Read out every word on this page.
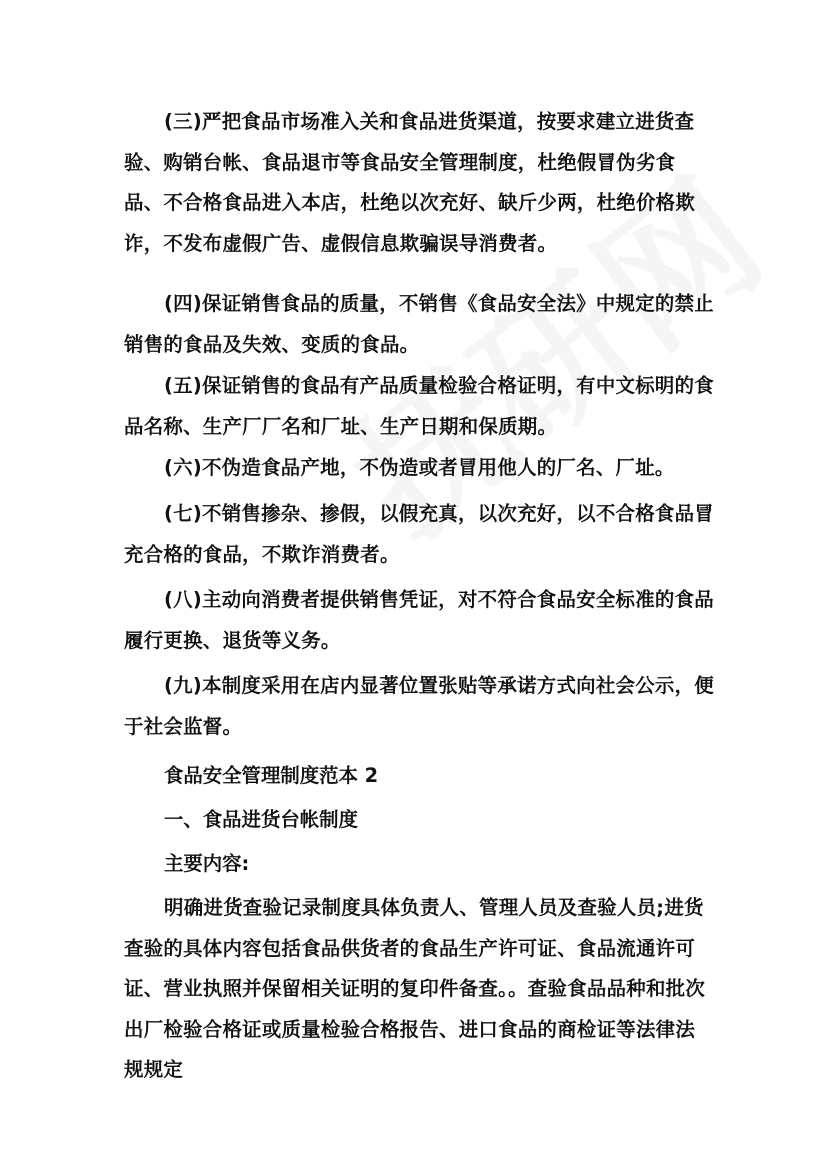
(三)严把食品市场准入关和食品进货渠道，按要求建立进货查验、购销台帐、食品退市等食品安全管理制度，杜绝假冒伪劣食品、不合格食品进入本店，杜绝以次充好、缺斤少两，杜绝价格欺诈，不发布虚假广告、虚假信息欺骗误导消费者。

(四)保证销售食品的质量，不销售《食品安全法》中规定的禁止销售的食品及失效、变质的食品。

(五)保证销售的食品有产品质量检验合格证明，有中文标明的食品名称、生产厂厂名和厂址、生产日期和保质期。

(六)不伪造食品产地，不伪造或者冒用他人的厂名、厂址。

(七)不销售掺杂、掺假，以假充真，以次充好，以不合格食品冒充合格的食品，不欺诈消费者。

(八)主动向消费者提供销售凭证，对不符合食品安全标准的食品履行更换、退货等义务。

(九)本制度采用在店内显著位置张贴等承诺方式向社会公示，便于社会监督。

食品安全管理制度范本 2

一、食品进货台帐制度

主要内容:

明确进货查验记录制度具体负责人、管理人员及查验人员;进货查验的具体内容包括食品供货者的食品生产许可证、食品流通许可证、营业执照并保留相关证明的复印件备查。。查验食品品种和批次出厂检验合格证或质量检验合格报告、进口食品的商检证等法律法规规定
